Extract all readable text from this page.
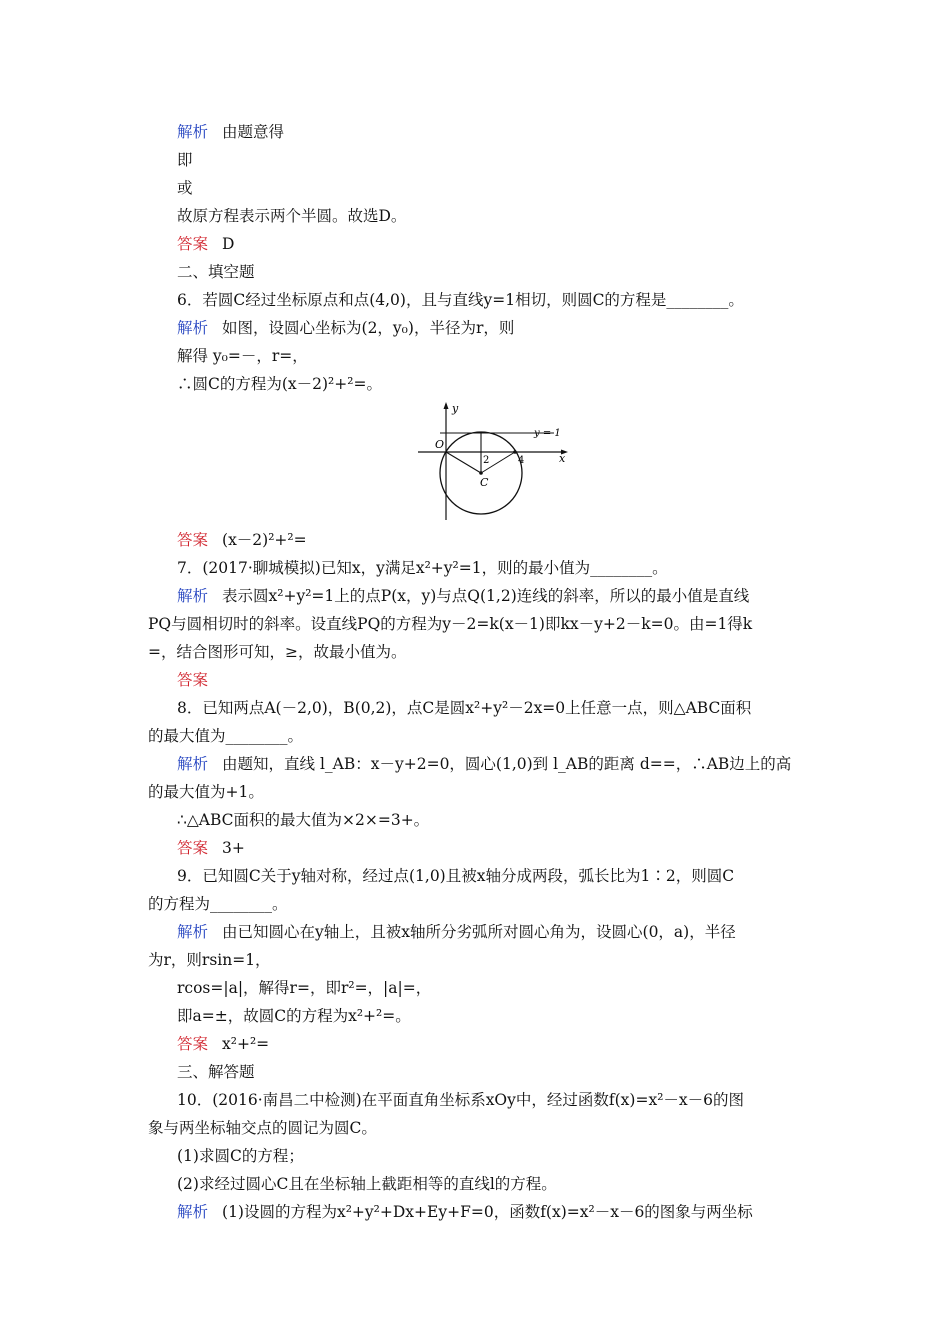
解析 由题意得
即
或
故原方程表示两个半圆。故选D。
答案 D
二、填空题
6．若圆C经过坐标原点和点(4,0)，且与直线y=1相切，则圆C的方程是________。
解析 如图，设圆心坐标为(2，y₀)，半径为r，则
解得 y₀=－，r=，
∴圆C的方程为(x－2)²+²=。
y
x
y = 1
O
2	4
C
答案 (x－2)²+²=
7．(2017·聊城模拟)已知x，y满足x²+y²=1，则的最小值为________。
解析 表示圆x²+y²=1上的点P(x，y)与点Q(1,2)连线的斜率，所以的最小值是直线
PQ与圆相切时的斜率。设直线PQ的方程为y－2=k(x－1)即kx－y+2－k=0。由=1得k
=，结合图形可知，≥，故最小值为。
答案
8．已知两点A(－2,0)，B(0,2)，点C是圆x²+y²－2x=0上任意一点，则△ABC面积
的最大值为________。
解析 由题知，直线 l_AB：x－y+2=0，圆心(1,0)到 l_AB的距离 d==，∴AB边上的高
的最大值为+1。
∴△ABC面积的最大值为×2×=3+。
答案 3+
9．已知圆C关于y轴对称，经过点(1,0)且被x轴分成两段，弧长比为1∶2，则圆C
的方程为________。
解析 由已知圆心在y轴上，且被x轴所分劣弧所对圆心角为，设圆心(0，a)，半径
为r，则rsin=1，
rcos=|a|，解得r=，即r²=，|a|=，
即a=±，故圆C的方程为x²+²=。
答案 x²+²=
三、解答题
10．(2016·南昌二中检测)在平面直角坐标系xOy中，经过函数f(x)=x²－x－6的图
象与两坐标轴交点的圆记为圆C。
(1)求圆C的方程；
(2)求经过圆心C且在坐标轴上截距相等的直线l的方程。
解析 (1)设圆的方程为x²+y²+Dx+Ey+F=0，函数f(x)=x²－x－6的图象与两坐标
